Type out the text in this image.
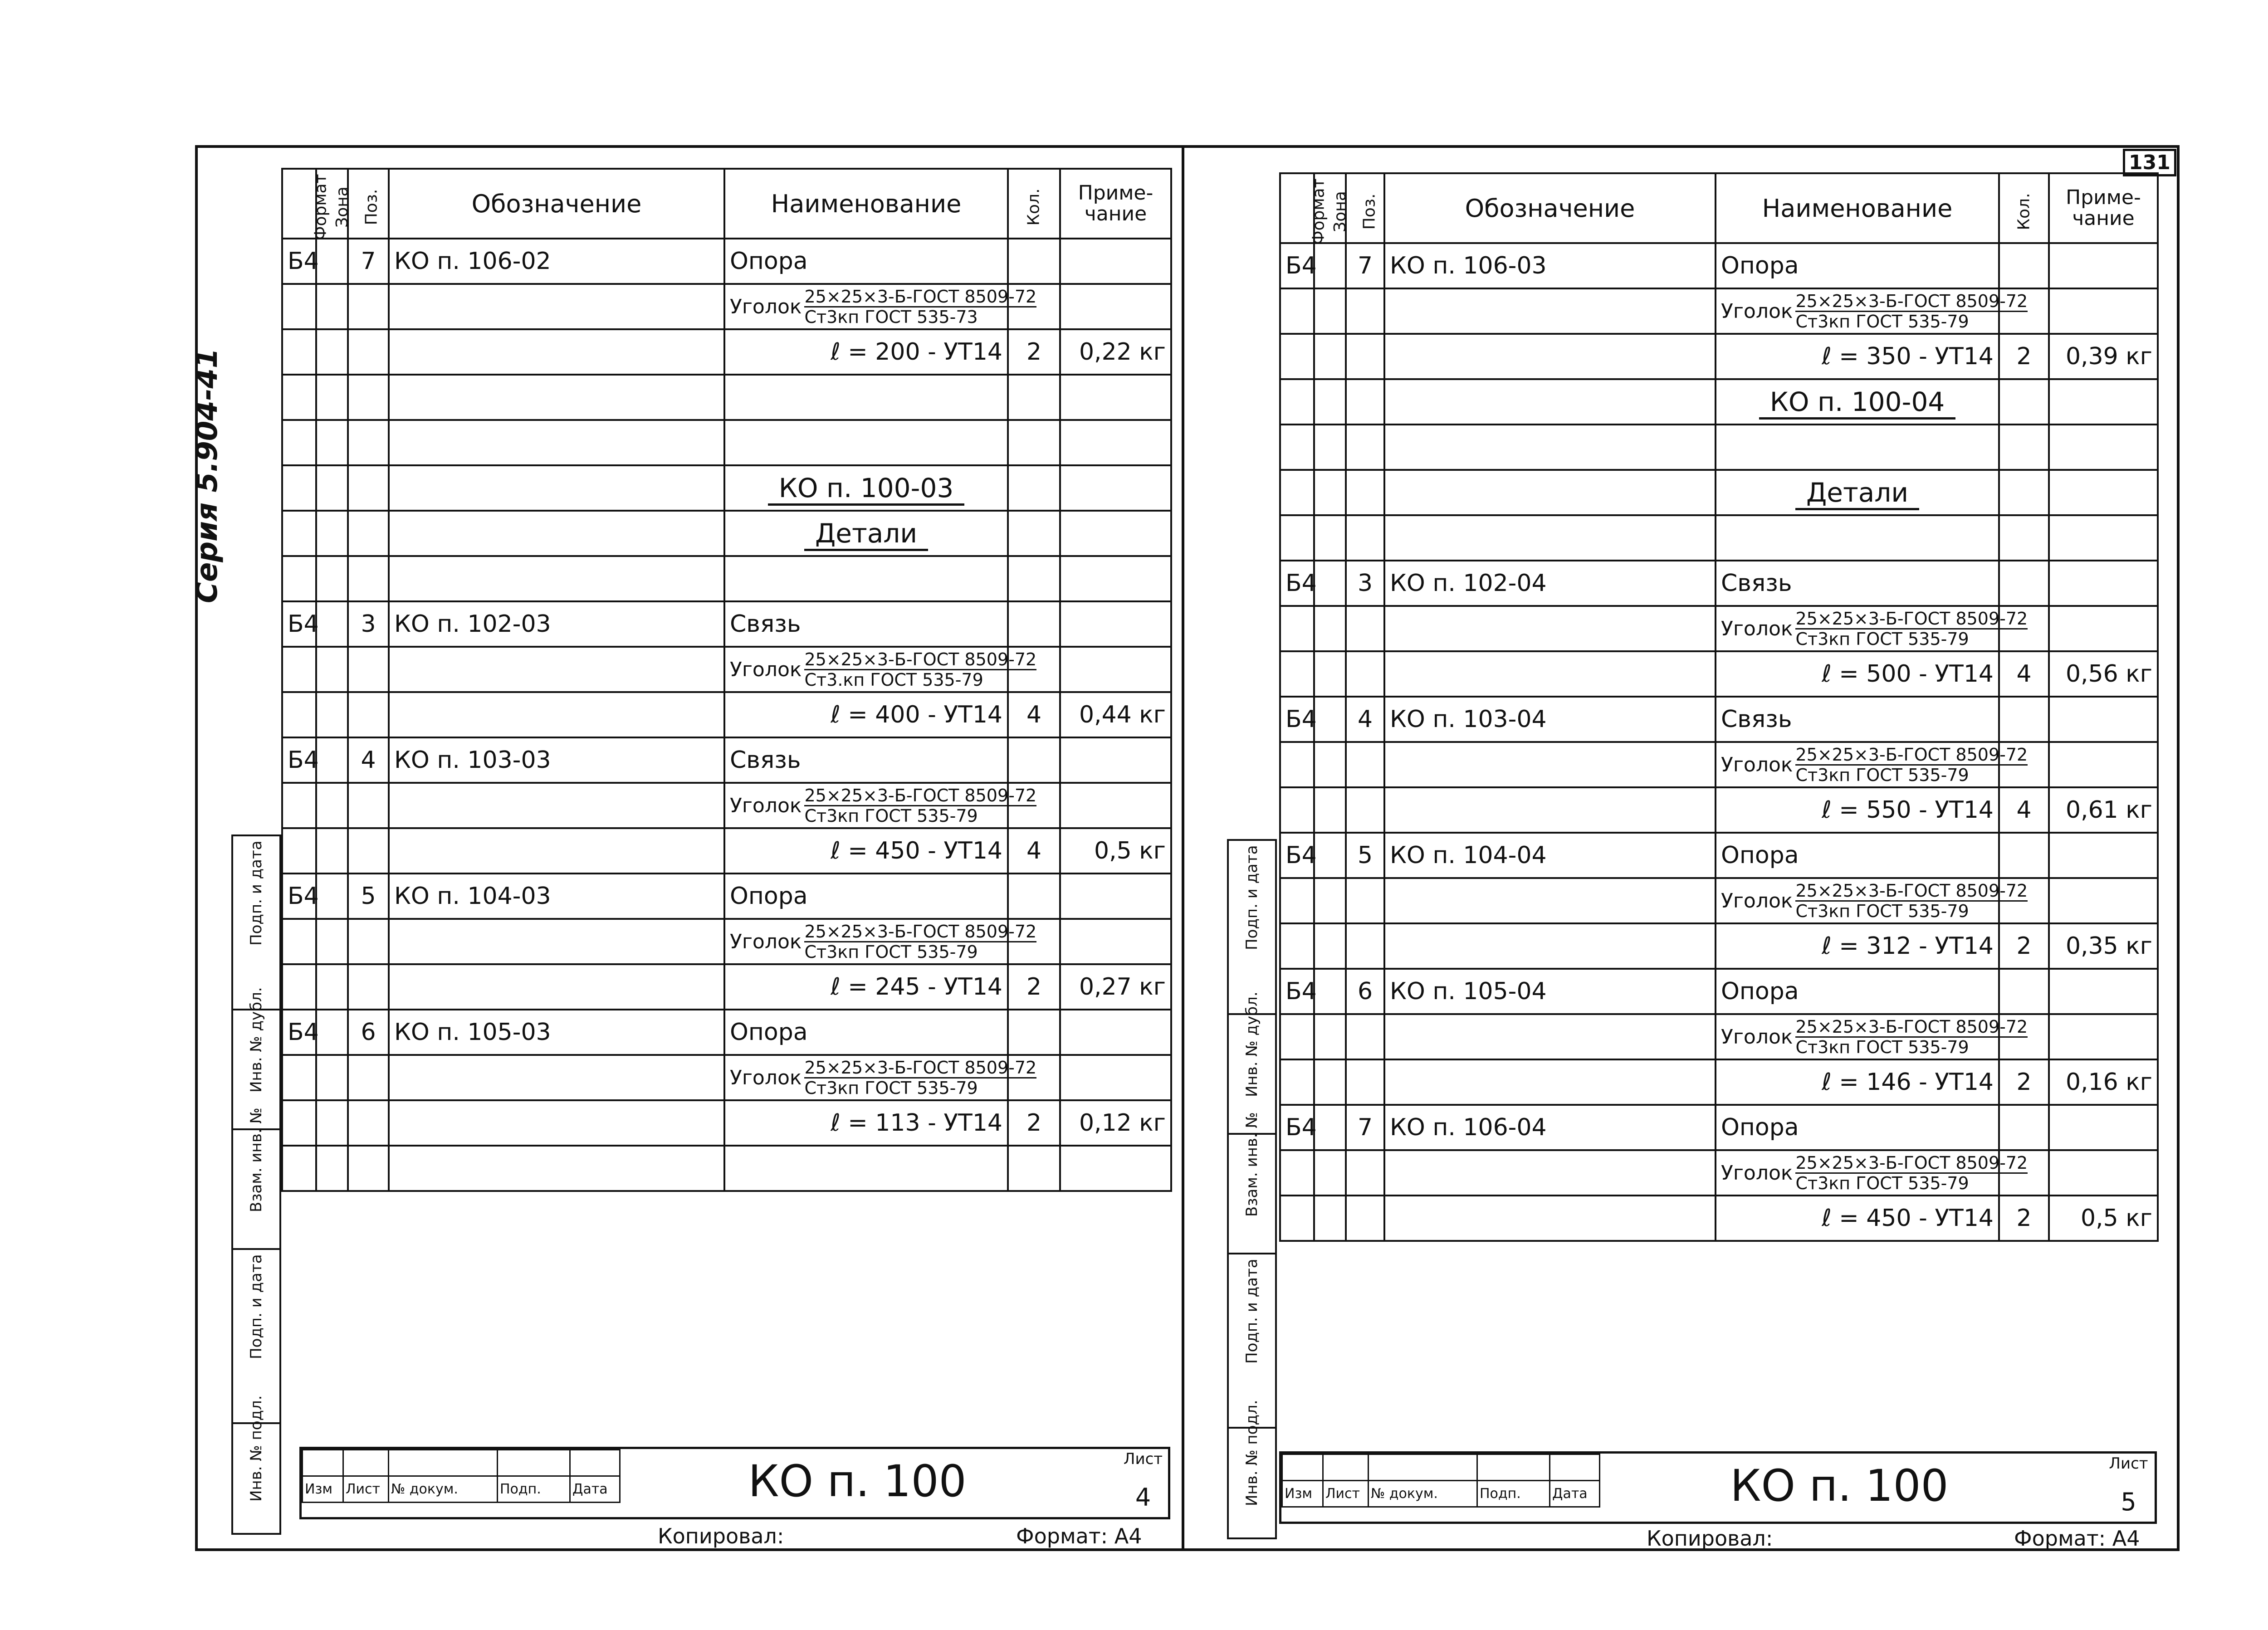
Серия 5.904-41
131
Формат	Зона	Поз.	Обозначение	Наименование	Кол.	Приме-чание
Б4		7	КО п. 106-02	Опора		

				Уголок $\frac{\text{25×25×3-Б-ГОСТ 8509-72}}{\text{Ст3кп ГОСТ 535-73}}$

				ℓ = 200 - УТ14	2	0,22 кг

				КО п. 100-03		
				Детали		

Б4		3	КО п. 102-03	Связь		

				Уголок $\frac{\text{25×25×3-Б-ГОСТ 8509-72}}{\text{Ст3.кп ГОСТ 535-79}}$

				ℓ = 400 - УТ14	4	0,44 кг
Б4		4	КО п. 103-03	Связь		

				Уголок $\frac{\text{25×25×3-Б-ГОСТ 8509-72}}{\text{Ст3кп ГОСТ 535-79}}$

				ℓ = 450 - УТ14	4	0,5 кг
Б4		5	КО п. 104-03	Опора		

				Уголок $\frac{\text{25×25×3-Б-ГОСТ 8509-72}}{\text{Ст3кп ГОСТ 535-79}}$

				ℓ = 245 - УТ14	2	0,27 кг
Б4		6	КО п. 105-03	Опора		

				Уголок $\frac{\text{25×25×3-Б-ГОСТ 8509-72}}{\text{Ст3кп ГОСТ 535-79}}$

				ℓ = 113 - УТ14	2	0,12 кг

Формат	Зона	Поз.	Обозначение	Наименование	Кол.	Приме-чание
Б4		7	КО п. 106-03	Опора		

				Уголок $\frac{\text{25×25×3-Б-ГОСТ 8509-72}}{\text{Ст3кп ГОСТ 535-79}}$

				ℓ = 350 - УТ14	2	0,39 кг
				КО п. 100-04		

				Детали		

Б4		3	КО п. 102-04	Связь		

				Уголок $\frac{\text{25×25×3-Б-ГОСТ 8509-72}}{\text{Ст3кп ГОСТ 535-79}}$

				ℓ = 500 - УТ14	4	0,56 кг
Б4		4	КО п. 103-04	Связь		

				Уголок $\frac{\text{25×25×3-Б-ГОСТ 8509-72}}{\text{Ст3кп ГОСТ 535-79}}$

				ℓ = 550 - УТ14	4	0,61 кг
Б4		5	КО п. 104-04	Опора		

				Уголок $\frac{\text{25×25×3-Б-ГОСТ 8509-72}}{\text{Ст3кп ГОСТ 535-79}}$

				ℓ = 312 - УТ14	2	0,35 кг
Б4		6	КО п. 105-04	Опора		

				Уголок $\frac{\text{25×25×3-Б-ГОСТ 8509-72}}{\text{Ст3кп ГОСТ 535-79}}$

				ℓ = 146 - УТ14	2	0,16 кг
Б4		7	КО п. 106-04	Опора		

				Уголок $\frac{\text{25×25×3-Б-ГОСТ 8509-72}}{\text{Ст3кп ГОСТ 535-79}}$

				ℓ = 450 - УТ14	2	0,5 кг
Подп. и дата

Инв. № дубл.

Взам. инв. №

Подп. и дата

Инв. № подл.
Подп. и дата

Инв. № дубл.

Взам. инв. №

Подп. и дата

Инв. № подл.

Изм	Лист	№ докум.	Подп.	Дата	КО п. 100	Лист
4
					Изм	Лист	№ докум.	Подп.	Дата	КО п. 100	Лист
5
Копировал:	Формат: А4	Копировал:	Формат: А4
